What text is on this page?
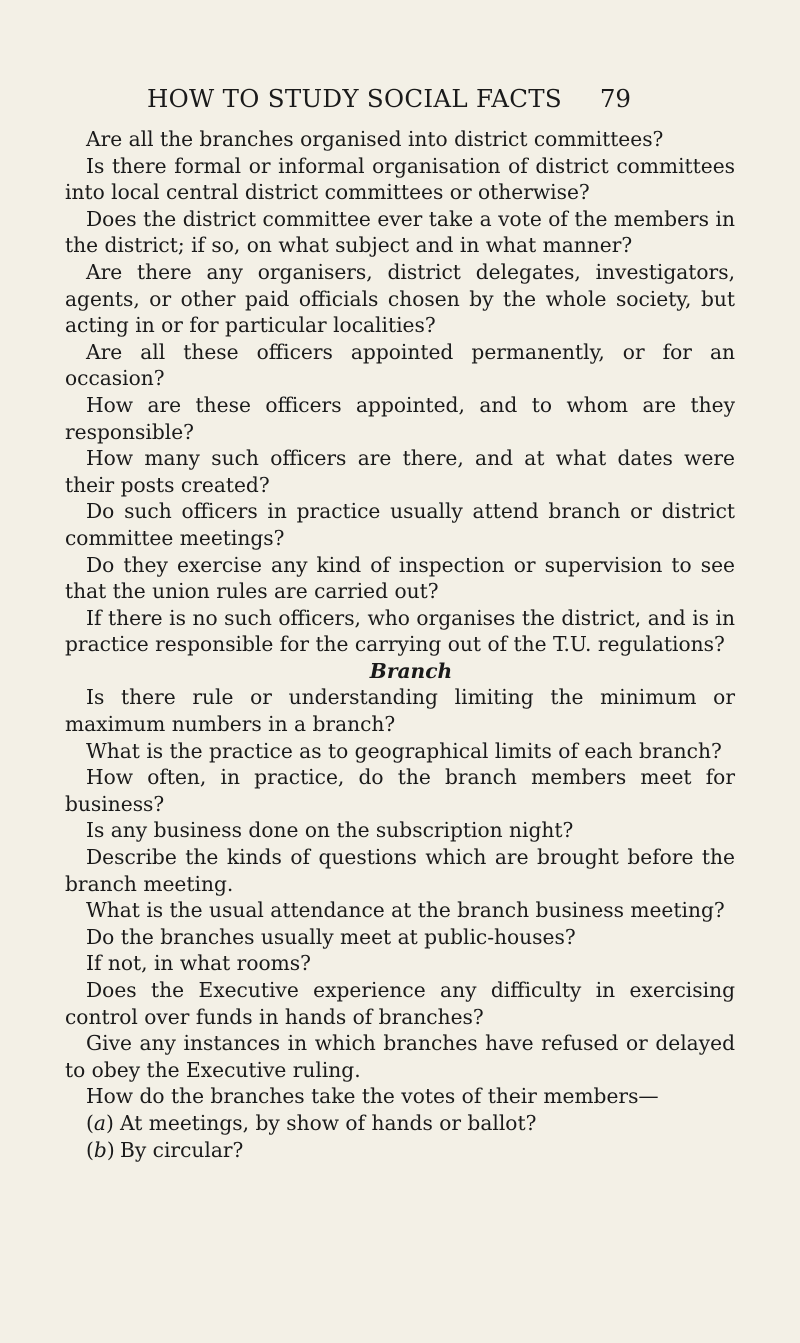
HOW TO STUDY SOCIAL FACTS 79

Are all the branches organised into district committees?

Is there formal or informal organisation of district committees into local central district committees or otherwise?

Does the district committee ever take a vote of the members in the district; if so, on what subject and in what manner?

Are there any organisers, district delegates, investigators, agents, or other paid officials chosen by the whole society, but acting in or for particular localities?

Are all these officers appointed permanently, or for an occasion?

How are these officers appointed, and to whom are they responsible?

How many such officers are there, and at what dates were their posts created?

Do such officers in practice usually attend branch or district committee meetings?

Do they exercise any kind of inspection or supervision to see that the union rules are carried out?

If there is no such officers, who organises the district, and is in practice responsible for the carrying out of the T.U. regulations?

Branch

Is there rule or understanding limiting the minimum or maximum numbers in a branch?

What is the practice as to geographical limits of each branch?

How often, in practice, do the branch members meet for business?

Is any business done on the subscription night?

Describe the kinds of questions which are brought before the branch meeting.

What is the usual attendance at the branch business meeting?

Do the branches usually meet at public-houses?

If not, in what rooms?

Does the Executive experience any difficulty in exercising control over funds in hands of branches?

Give any instances in which branches have refused or delayed to obey the Executive ruling.

How do the branches take the votes of their members—

(a) At meetings, by show of hands or ballot?

(b) By circular?
